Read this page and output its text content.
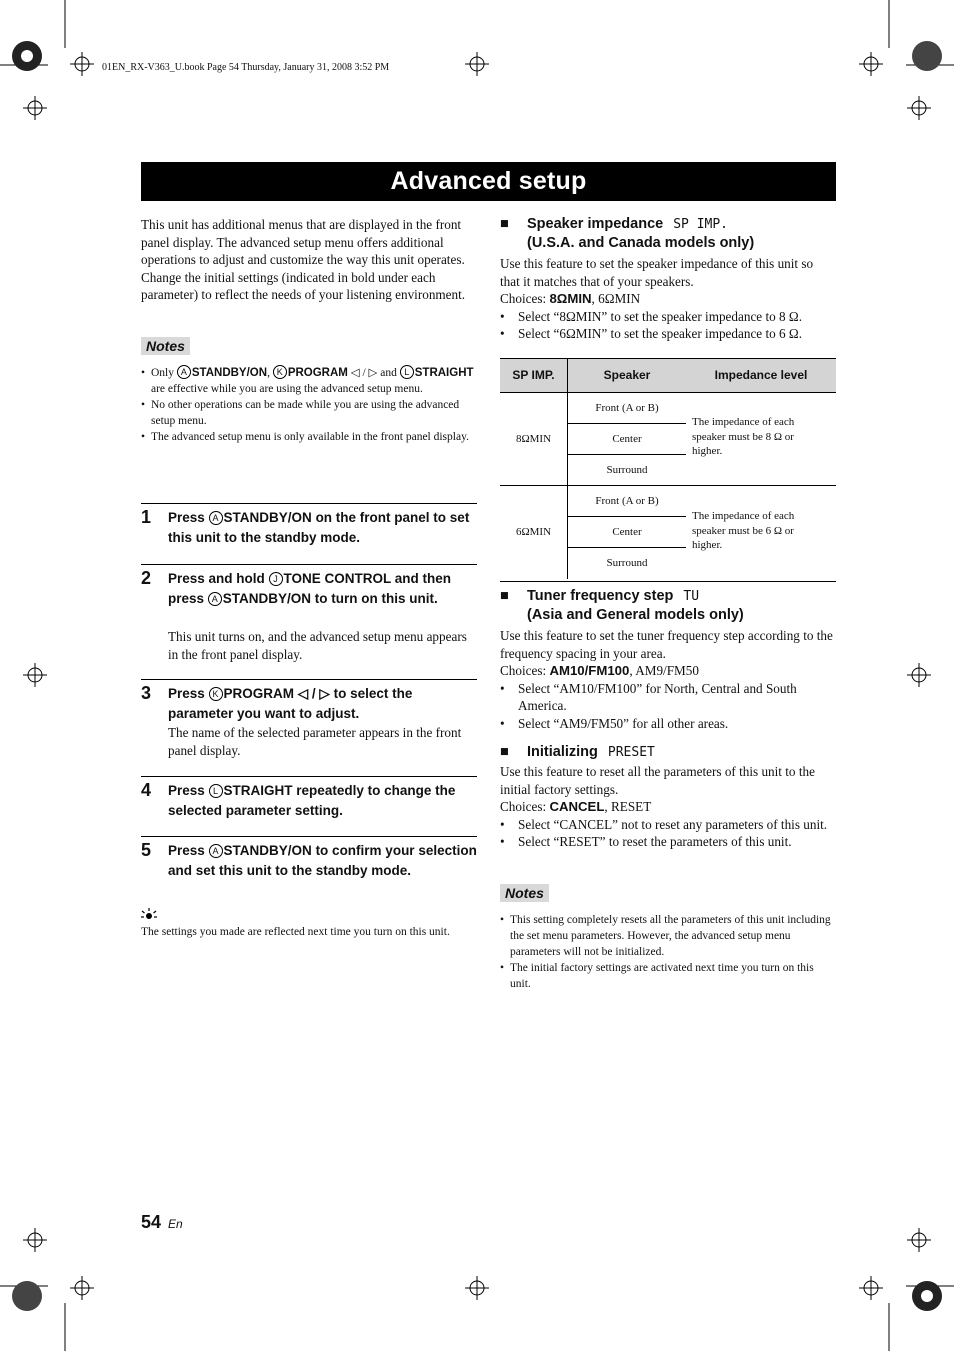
01EN_RX-V363_U.book Page 54 Thursday, January 31, 2008 3:52 PM
Advanced setup
This unit has additional menus that are displayed in the front panel display. The advanced setup menu offers additional operations to adjust and customize the way this unit operates. Change the initial settings (indicated in bold under each parameter) to reflect the needs of your listening environment.
Notes
• Only A STANDBY/ON, K PROGRAM ◁ / ▷ and L STRAIGHT are effective while you are using the advanced setup menu.
• No other operations can be made while you are using the advanced setup menu.
• The advanced setup menu is only available in the front panel display.
1 Press A STANDBY/ON on the front panel to set this unit to the standby mode.
2 Press and hold J TONE CONTROL and then press A STANDBY/ON to turn on this unit.
This unit turns on, and the advanced setup menu appears in the front panel display.
3 Press K PROGRAM ◁ / ▷ to select the parameter you want to adjust.
The name of the selected parameter appears in the front panel display.
4 Press L STRAIGHT repeatedly to change the selected parameter setting.
5 Press A STANDBY/ON to confirm your selection and set this unit to the standby mode.
The settings you made are reflected next time you turn on this unit.
■ Speaker impedance SP IMP.
(U.S.A. and Canada models only)
Use this feature to set the speaker impedance of this unit so that it matches that of your speakers.
Choices: 8ΩMIN, 6ΩMIN
• Select “8ΩMIN” to set the speaker impedance to 8 Ω.
• Select “6ΩMIN” to set the speaker impedance to 6 Ω.
SP IMP.	Speaker	Impedance level
8ΩMIN
Front (A or B)
Center
Surround
The impedance of each speaker must be 8 Ω or higher.
6ΩMIN
Front (A or B)
Center
Surround
The impedance of each speaker must be 6 Ω or higher.
■ Tuner frequency step TU
(Asia and General models only)
Use this feature to set the tuner frequency step according to the frequency spacing in your area.
Choices: AM10/FM100, AM9/FM50
• Select “AM10/FM100” for North, Central and South America.
• Select “AM9/FM50” for all other areas.
■ Initializing PRESET
Use this feature to reset all the parameters of this unit to the initial factory settings.
Choices: CANCEL, RESET
• Select “CANCEL” not to reset any parameters of this unit.
• Select “RESET” to reset the parameters of this unit.
Notes
• This setting completely resets all the parameters of this unit including the set menu parameters. However, the advanced setup menu parameters will not be initialized.
• The initial factory settings are activated next time you turn on this unit.
54 En
